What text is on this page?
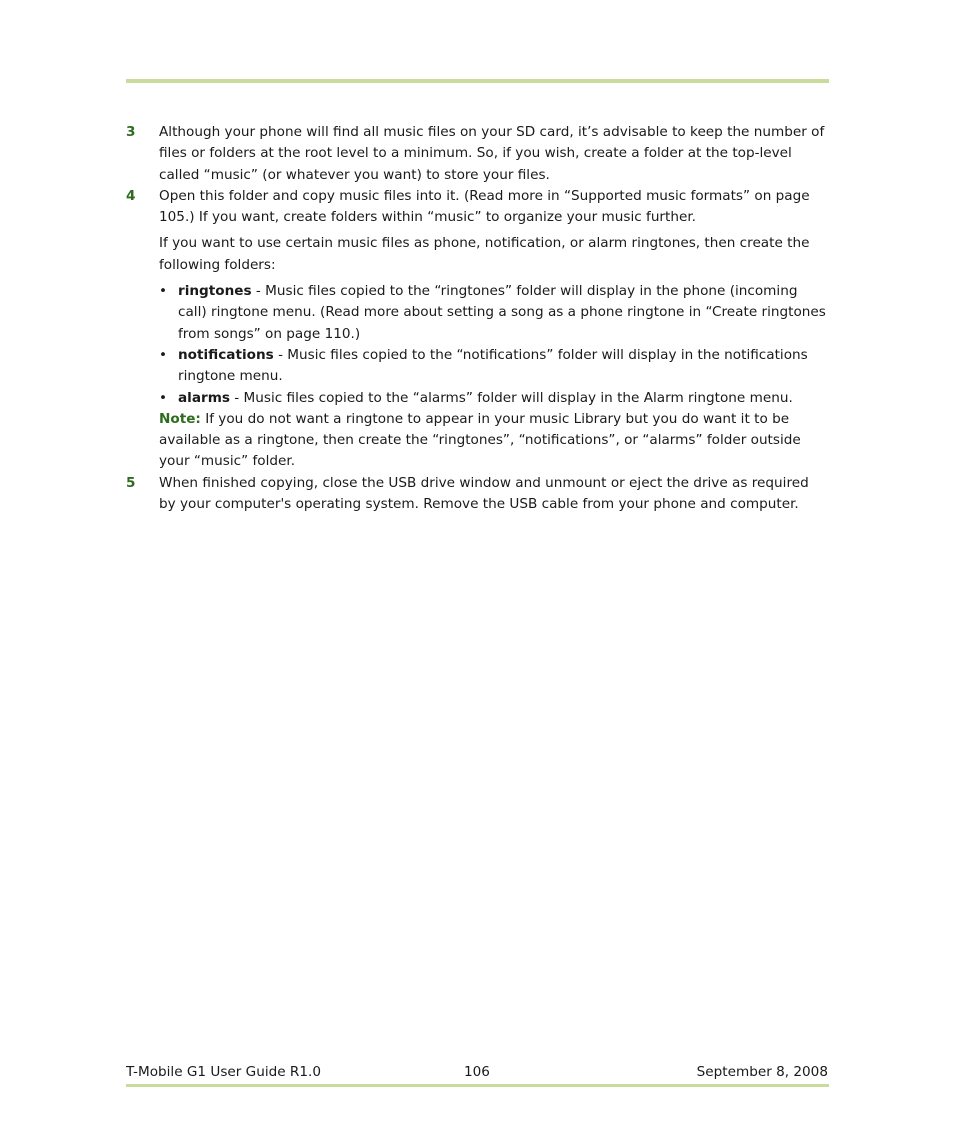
3 Although your phone will find all music files on your SD card, it’s advisable to keep the number of files or folders at the root level to a minimum. So, if you wish, create a folder at the top-level called “music” (or whatever you want) to store your files.
4 Open this folder and copy music files into it. (Read more in “Supported music formats” on page 105.) If you want, create folders within “music” to organize your music further.
If you want to use certain music files as phone, notification, or alarm ringtones, then create the following folders:
• ringtones - Music files copied to the “ringtones” folder will display in the phone (incoming call) ringtone menu. (Read more about setting a song as a phone ringtone in “Create ringtones from songs” on page 110.)
• notifications - Music files copied to the “notifications” folder will display in the notifications ringtone menu.
• alarms - Music files copied to the “alarms” folder will display in the Alarm ringtone menu.
Note: If you do not want a ringtone to appear in your music Library but you do want it to be available as a ringtone, then create the “ringtones”, “notifications”, or “alarms” folder outside your “music” folder.
5 When finished copying, close the USB drive window and unmount or eject the drive as required by your computer's operating system. Remove the USB cable from your phone and computer.
T-Mobile G1 User Guide R1.0	106	September 8, 2008
